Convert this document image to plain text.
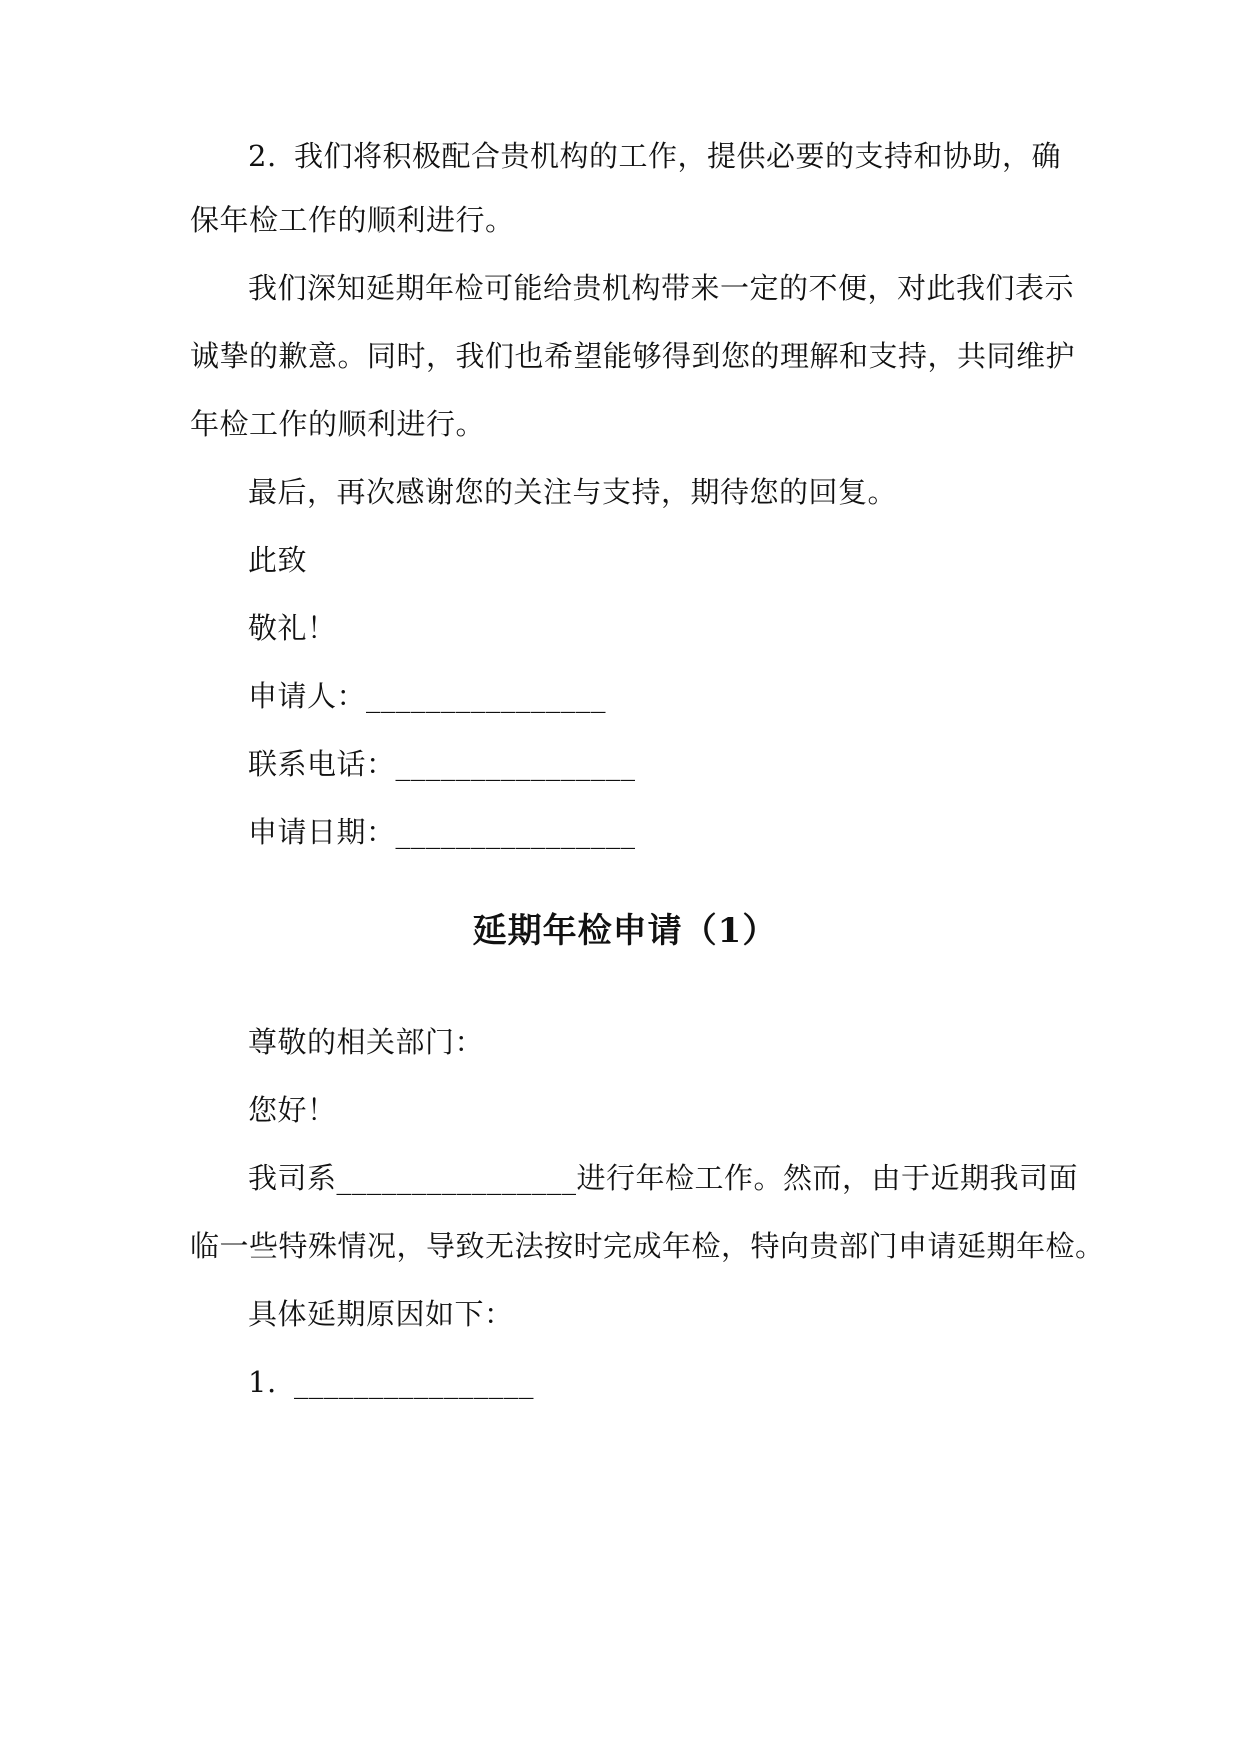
2. 我们将积极配合贵机构的工作，提供必要的支持和协助，确
保年检工作的顺利进行。
我们深知延期年检可能给贵机构带来一定的不便，对此我们表示
诚挚的歉意。同时，我们也希望能够得到您的理解和支持，共同维护
年检工作的顺利进行。
最后，再次感谢您的关注与支持，期待您的回复。
此致
敬礼！
申请人：________________
联系电话：________________
申请日期：________________
延期年检申请（1）
尊敬的相关部门：
您好！
我司系________________进行年检工作。然而，由于近期我司面
临一些特殊情况，导致无法按时完成年检，特向贵部门申请延期年检。
具体延期原因如下：
1. ________________
